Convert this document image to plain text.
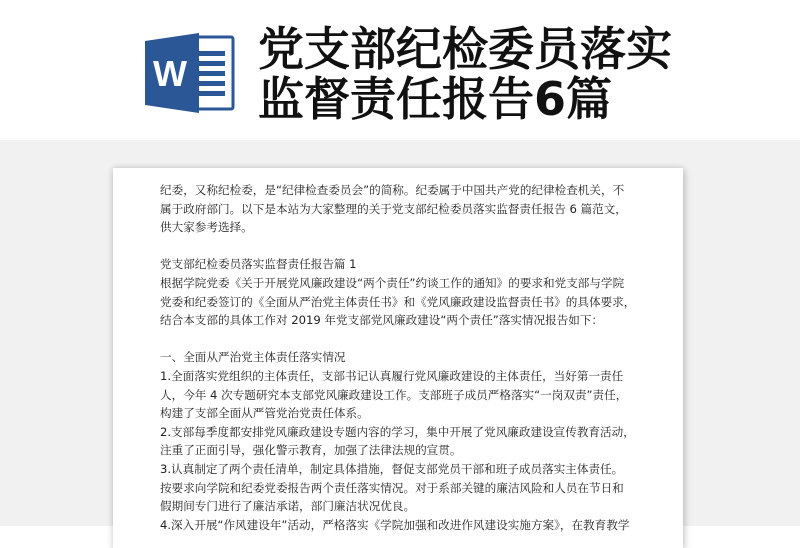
W 党支部纪检委员落实
监督责任报告6篇

纪委，又称纪检委，是“纪律检查委员会”的简称。纪委属于中国共产党的纪律检查机关，不

属于政府部门。以下是本站为大家整理的关于党支部纪检委员落实监督责任报告 6 篇范文，

供大家参考选择。

党支部纪检委员落实监督责任报告篇 1

根据学院党委《关于开展党风廉政建设“两个责任”约谈工作的通知》的要求和党支部与学院

党委和纪委签订的《全面从严治党主体责任书》和《党风廉政建设监督责任书》的具体要求，

结合本支部的具体工作对 2019 年党支部党风廉政建设“两个责任”落实情况报告如下：

一、全面从严治党主体责任落实情况

1.全面落实党组织的主体责任，支部书记认真履行党风廉政建设的主体责任，当好第一责任

人，今年 4 次专题研究本支部党风廉政建设工作。支部班子成员严格落实“一岗双责”责任，

构建了支部全面从严管党治党责任体系。

2.支部每季度都安排党风廉政建设专题内容的学习，集中开展了党风廉政建设宣传教育活动，

注重了正面引导，强化警示教育，加强了法律法规的宣贯。

3.认真制定了两个责任清单，制定具体措施，督促支部党员干部和班子成员落实主体责任。

按要求向学院和纪委党委报告两个责任落实情况。对于系部关键的廉洁风险和人员在节日和

假期间专门进行了廉洁承诺，部门廉洁状况优良。

4.深入开展“作风建设年”活动，严格落实《学院加强和改进作风建设实施方案》，在教育教学
